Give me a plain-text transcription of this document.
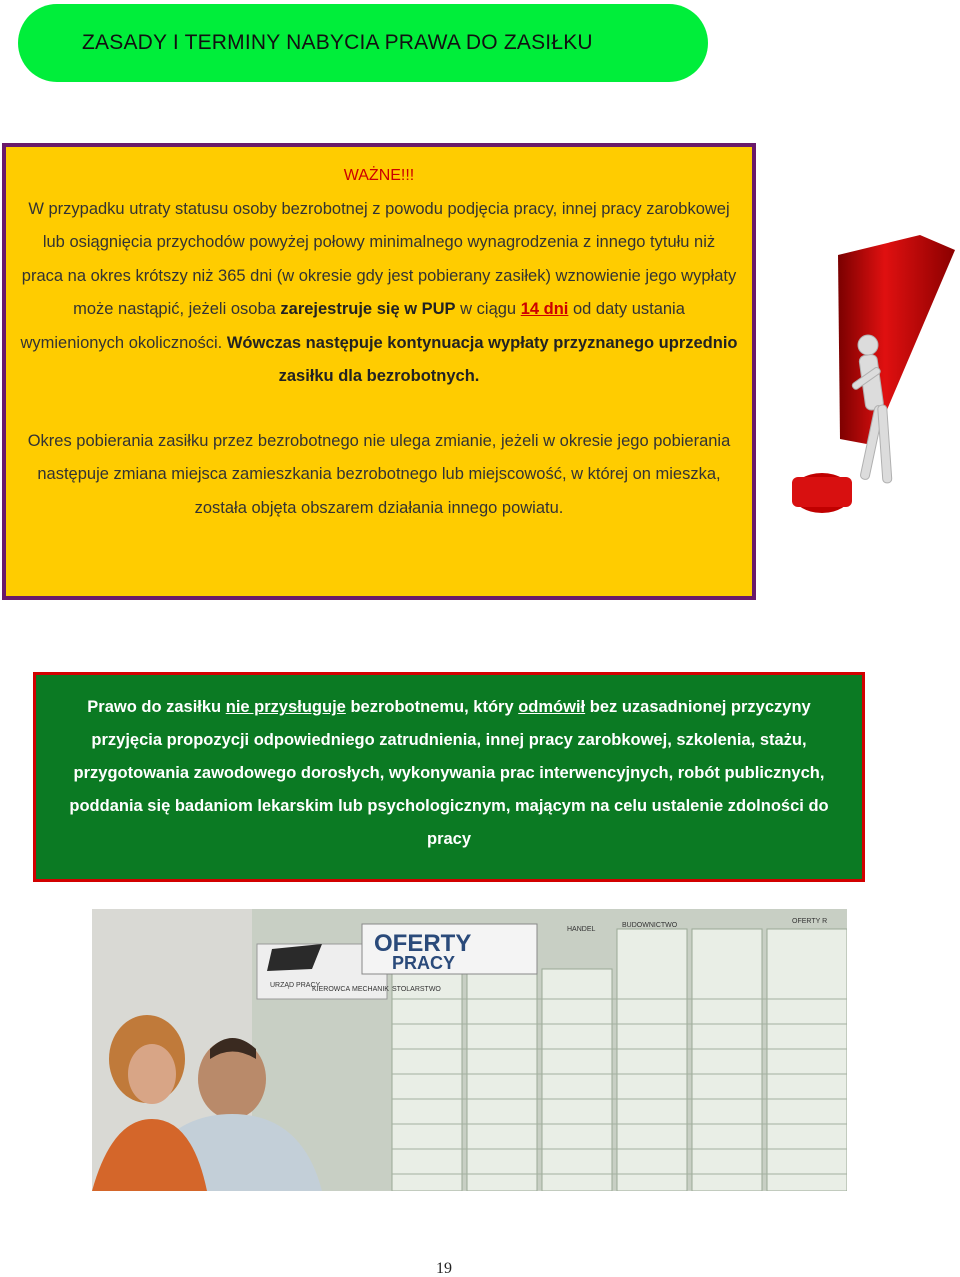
ZASADY I TERMINY NABYCIA PRAWA DO ZASIŁKU
WAŻNE!!!
W przypadku utraty statusu osoby bezrobotnej z powodu podjęcia pracy, innej pracy zarobkowej lub osiągnięcia przychodów powyżej połowy minimalnego wynagrodzenia z innego tytułu niż praca na okres krótszy niż 365 dni (w okresie gdy jest pobierany zasiłek) wznowienie jego wypłaty może nastąpić, jeżeli osoba zarejestruje się w PUP w ciągu 14 dni od daty ustania wymienionych okoliczności. Wówczas następuje kontynuacja wypłaty przyznanego uprzednio zasiłku dla bezrobotnych.
Okres pobierania zasiłku przez bezrobotnego nie ulega zmianie, jeżeli w okresie jego pobierania następuje zmiana miejsca zamieszkania bezrobotnego lub miejscowość, w której on mieszka, została objęta obszarem działania innego powiatu.
Prawo do zasiłku nie przysługuje bezrobotnemu, który odmówił bez uzasadnionej przyczyny przyjęcia propozycji odpowiedniego zatrudnienia, innej pracy zarobkowej, szkolenia, stażu, przygotowania zawodowego dorosłych, wykonywania prac interwencyjnych, robót publicznych, poddania się badaniom lekarskim lub psychologicznym, mającym na celu ustalenie zdolności do pracy
URZĄD PRACY
OFERTY
PRACY
KIEROWCA MECHANIK STOLARSTWO
HANDEL
BUDOWNICTWO
OFERTY R
19
